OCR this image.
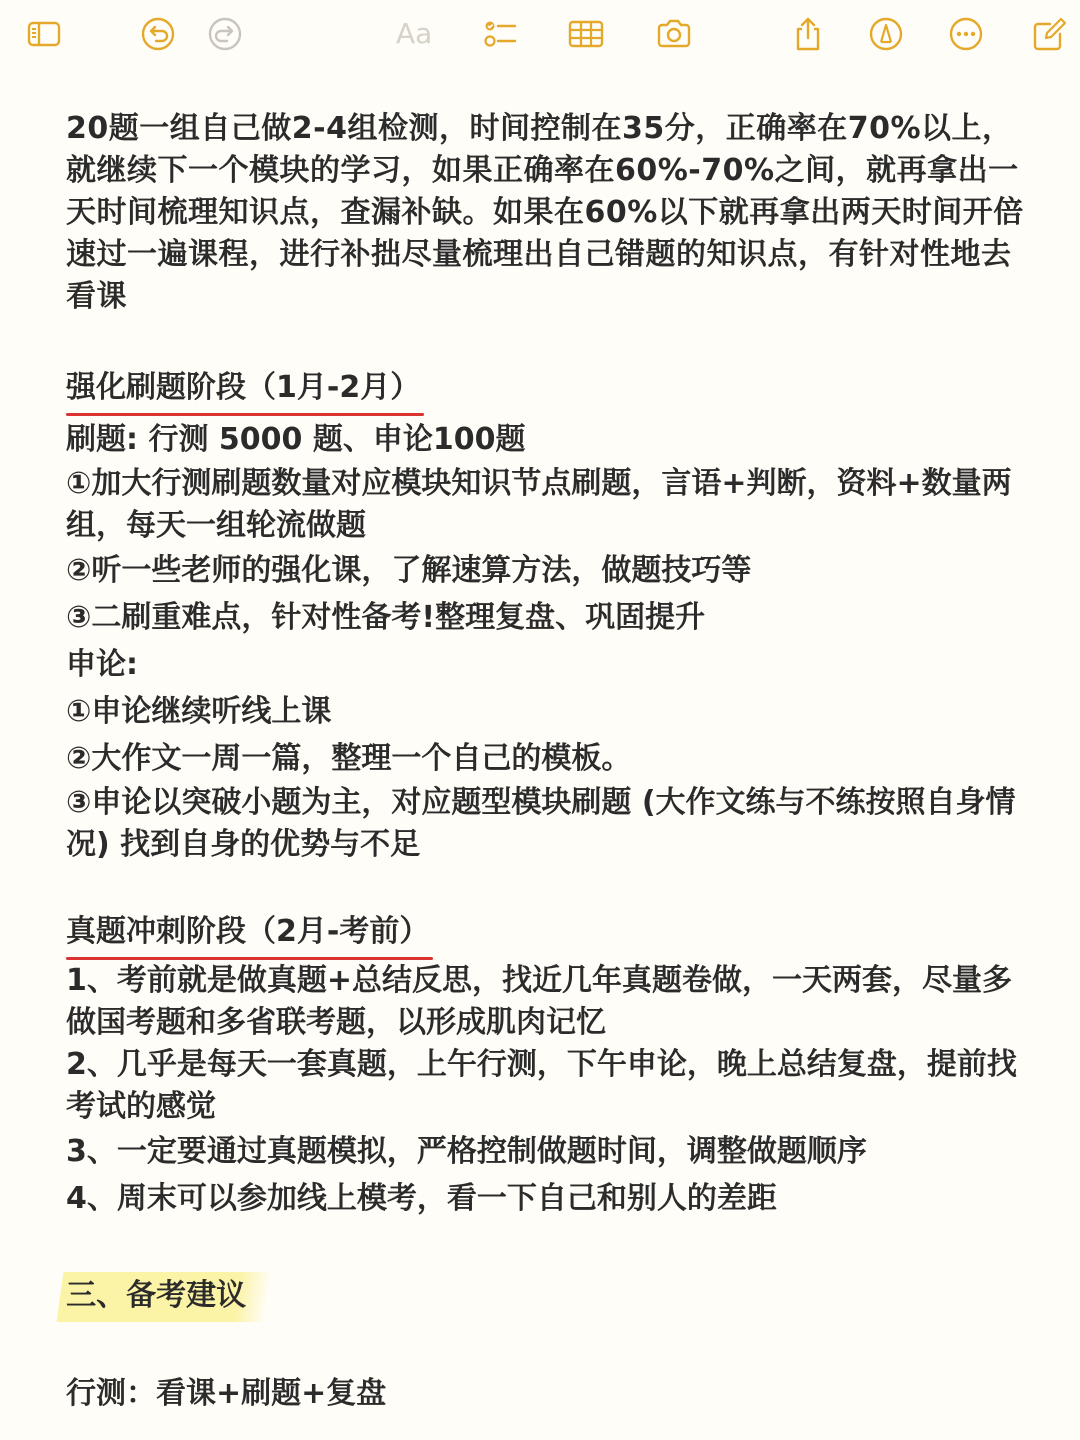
Aa

20题一组自己做2-4组检测，时间控制在35分，正确率在70%以上，就继续下一个模块的学习，如果正确率在60%-70%之间，就再拿出一天时间梳理知识点，查漏补缺。如果在60%以下就再拿出两天时间开倍速过一遍课程，进行补拙尽量梳理出自己错题的知识点，有针对性地去看课

强化刷题阶段（1月-2月）

刷题: 行测 5000 题、申论100题

①加大行测刷题数量对应模块知识节点刷题，言语+判断，资料+数量两组，每天一组轮流做题

②听一些老师的强化课，了解速算方法，做题技巧等

③二刷重难点，针对性备考!整理复盘、巩固提升

申论:

①申论继续听线上课

②大作文一周一篇，整理一个自己的模板。

③申论以突破小题为主，对应题型模块刷题 (大作文练与不练按照自身情况) 找到自身的优势与不足

真题冲刺阶段（2月-考前）

1、考前就是做真题+总结反思，找近几年真题卷做，一天两套，尽量多做国考题和多省联考题，以形成肌肉记忆

2、几乎是每天一套真题，上午行测，下午申论，晚上总结复盘，提前找考试的感觉

3、一定要通过真题模拟，严格控制做题时间，调整做题顺序

4、周末可以参加线上模考，看一下自己和别人的差距

三、备考建议

行测：看课+刷题+复盘
